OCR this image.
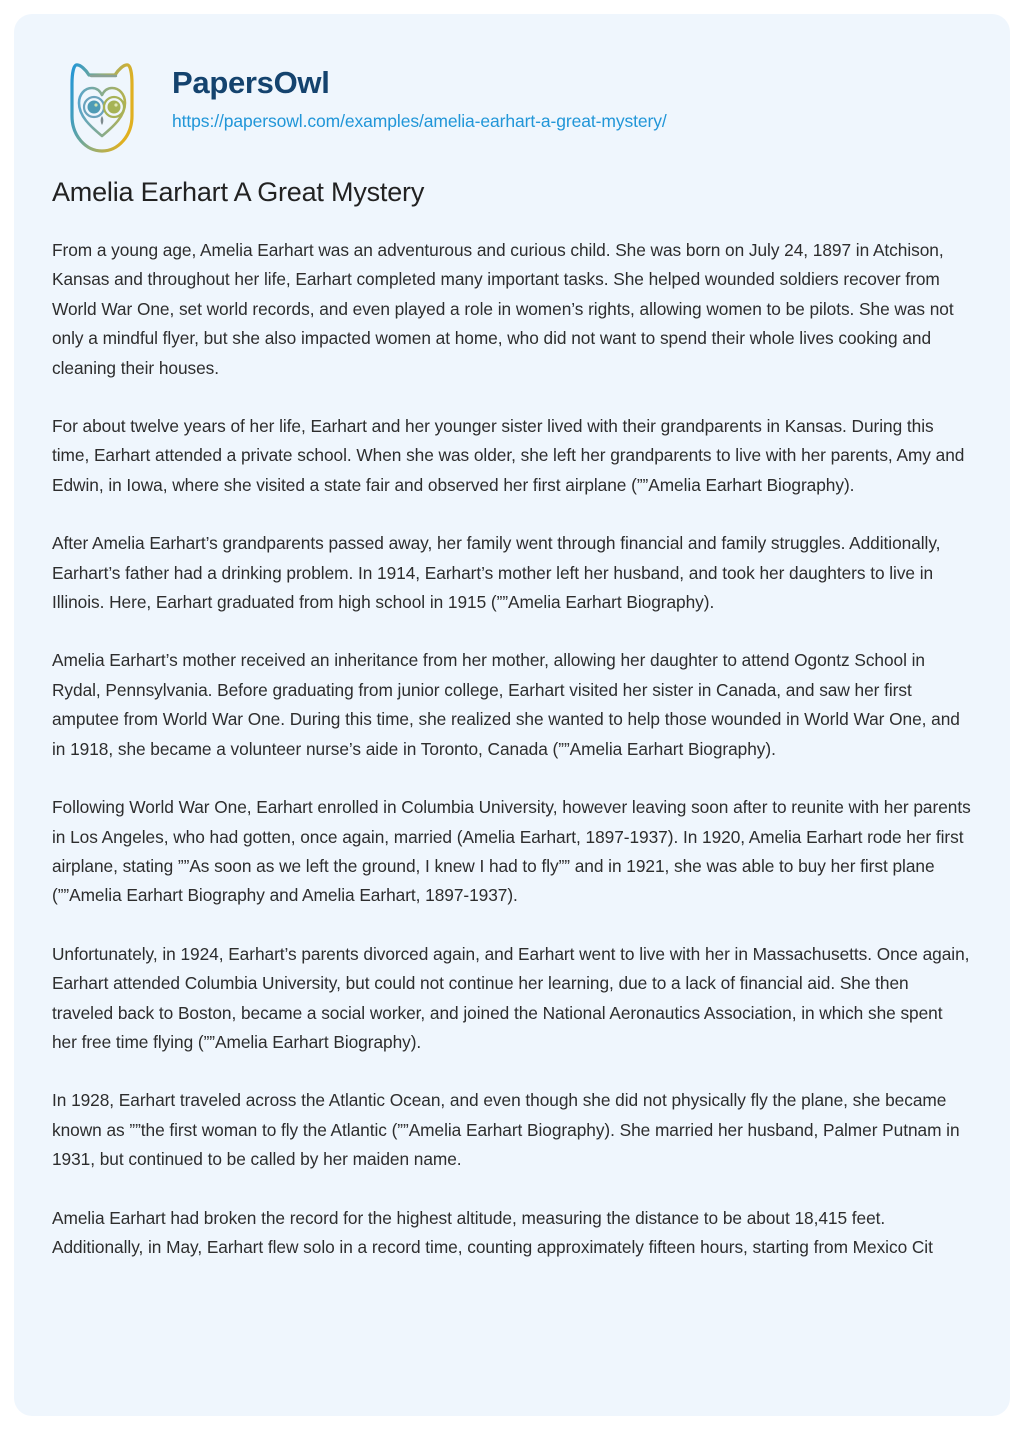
PapersOwl
https://papersowl.com/examples/amelia-earhart-a-great-mystery/
Amelia Earhart A Great Mystery

From a young age, Amelia Earhart was an adventurous and curious child. She was born on July 24, 1897 in Atchison, Kansas and throughout her life, Earhart completed many important tasks. She helped wounded soldiers recover from World War One, set world records, and even played a role in women’s rights, allowing women to be pilots. She was not only a mindful flyer, but she also impacted women at home, who did not want to spend their whole lives cooking and cleaning their houses.

For about twelve years of her life, Earhart and her younger sister lived with their grandparents in Kansas. During this time, Earhart attended a private school. When she was older, she left her grandparents to live with her parents, Amy and Edwin, in Iowa, where she visited a state fair and observed her first airplane (””Amelia Earhart Biography).

After Amelia Earhart’s grandparents passed away, her family went through financial and family struggles. Additionally, Earhart’s father had a drinking problem. In 1914, Earhart’s mother left her husband, and took her daughters to live in Illinois. Here, Earhart graduated from high school in 1915 (””Amelia Earhart Biography).

Amelia Earhart’s mother received an inheritance from her mother, allowing her daughter to attend Ogontz School in Rydal, Pennsylvania. Before graduating from junior college, Earhart visited her sister in Canada, and saw her first amputee from World War One. During this time, she realized she wanted to help those wounded in World War One, and in 1918, she became a volunteer nurse’s aide in Toronto, Canada (””Amelia Earhart Biography).

Following World War One, Earhart enrolled in Columbia University, however leaving soon after to reunite with her parents in Los Angeles, who had gotten, once again, married (Amelia Earhart, 1897-1937). In 1920, Amelia Earhart rode her first airplane, stating ””As soon as we left the ground, I knew I had to fly”” and in 1921, she was able to buy her first plane (””Amelia Earhart Biography and Amelia Earhart, 1897-1937).

Unfortunately, in 1924, Earhart’s parents divorced again, and Earhart went to live with her in Massachusetts. Once again, Earhart attended Columbia University, but could not continue her learning, due to a lack of financial aid. She then traveled back to Boston, became a social worker, and joined the National Aeronautics Association, in which she spent her free time flying (””Amelia Earhart Biography).

In 1928, Earhart traveled across the Atlantic Ocean, and even though she did not physically fly the plane, she became known as ””the first woman to fly the Atlantic (””Amelia Earhart Biography). She married her husband, Palmer Putnam in 1931, but continued to be called by her maiden name.

Amelia Earhart had broken the record for the highest altitude, measuring the distance to be about 18,415 feet. Additionally, in May, Earhart flew solo in a record time, counting approximately fifteen hours, starting from Mexico Cit
